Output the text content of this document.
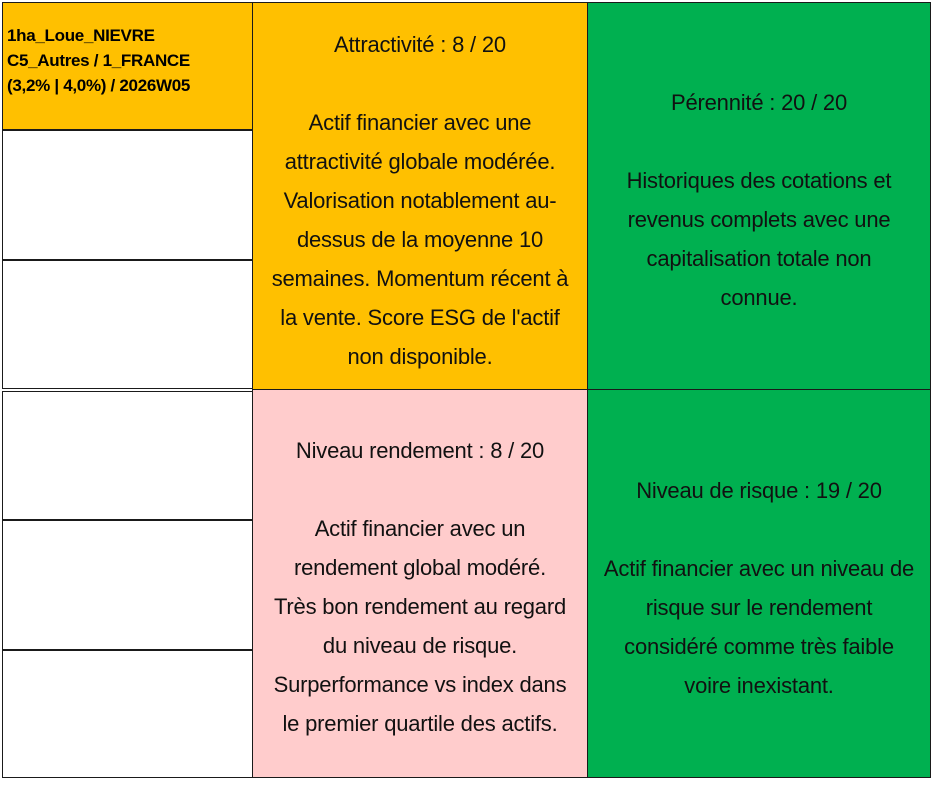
1ha_Loue_NIEVRE
C5_Autres / 1_FRANCE
(3,2% | 4,0%) / 2026W05
Attractivité : 8 / 20
Actif financier avec une
attractivité globale modérée.
Valorisation notablement au-
dessus de la moyenne 10
semaines. Momentum récent à
la vente. Score ESG de l'actif
non disponible.
Pérennité : 20 / 20
Historiques des cotations et
revenus complets avec une
capitalisation totale non
connue.
Niveau rendement : 8 / 20
Actif financier avec un
rendement global modéré.
Très bon rendement au regard
du niveau de risque.
Surperformance vs index dans
le premier quartile des actifs.
Niveau de risque : 19 / 20
Actif financier avec un niveau de
risque sur le rendement
considéré comme très faible
voire inexistant.
